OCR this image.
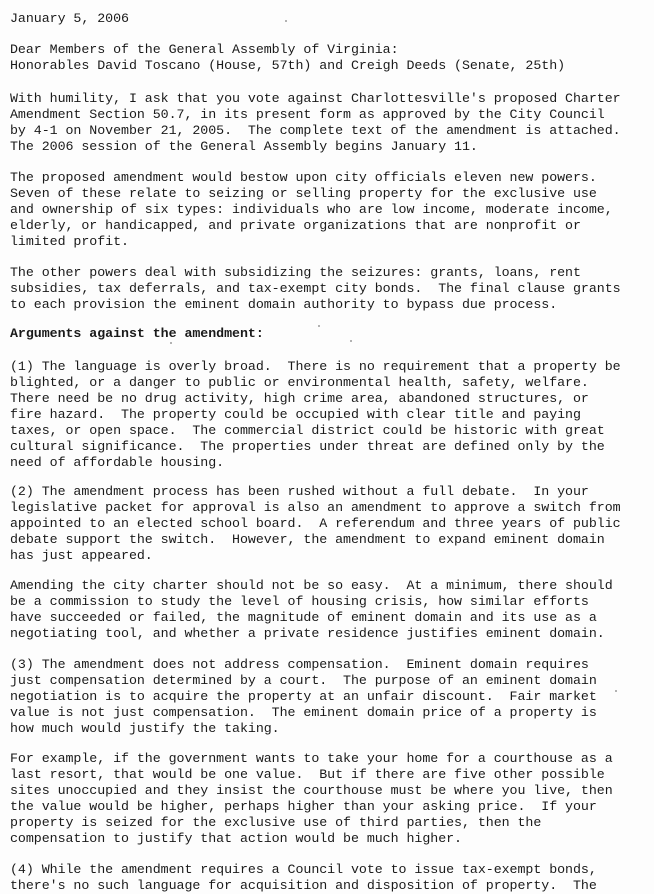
January 5, 2006

Dear Members of the General Assembly of Virginia:

Honorables David Toscano (House, 57th) and Creigh Deeds (Senate, 25th)

With humility, I ask that you vote against Charlottesville's proposed Charter

Amendment Section 50.7, in its present form as approved by the City Council

by 4-1 on November 21, 2005.  The complete text of the amendment is attached.

The 2006 session of the General Assembly begins January 11.

The proposed amendment would bestow upon city officials eleven new powers.

Seven of these relate to seizing or selling property for the exclusive use

and ownership of six types: individuals who are low income, moderate income,

elderly, or handicapped, and private organizations that are nonprofit or

limited profit.

The other powers deal with subsidizing the seizures: grants, loans, rent

subsidies, tax deferrals, and tax-exempt city bonds.  The final clause grants

to each provision the eminent domain authority to bypass due process.

Arguments against the amendment:

(1) The language is overly broad.  There is no requirement that a property be

blighted, or a danger to public or environmental health, safety, welfare.

There need be no drug activity, high crime area, abandoned structures, or

fire hazard.  The property could be occupied with clear title and paying

taxes, or open space.  The commercial district could be historic with great

cultural significance.  The properties under threat are defined only by the

need of affordable housing.

(2) The amendment process has been rushed without a full debate.  In your

legislative packet for approval is also an amendment to approve a switch from

appointed to an elected school board.  A referendum and three years of public

debate support the switch.  However, the amendment to expand eminent domain

has just appeared.

Amending the city charter should not be so easy.  At a minimum, there should

be a commission to study the level of housing crisis, how similar efforts

have succeeded or failed, the magnitude of eminent domain and its use as a

negotiating tool, and whether a private residence justifies eminent domain.

(3) The amendment does not address compensation.  Eminent domain requires

just compensation determined by a court.  The purpose of an eminent domain

negotiation is to acquire the property at an unfair discount.  Fair market

value is not just compensation.  The eminent domain price of a property is

how much would justify the taking.

For example, if the government wants to take your home for a courthouse as a

last resort, that would be one value.  But if there are five other possible

sites unoccupied and they insist the courthouse must be where you live, then

the value would be higher, perhaps higher than your asking price.  If your

property is seized for the exclusive use of third parties, then the

compensation to justify that action would be much higher.

(4) While the amendment requires a Council vote to issue tax-exempt bonds,

there's no such language for acquisition and disposition of property.  The
